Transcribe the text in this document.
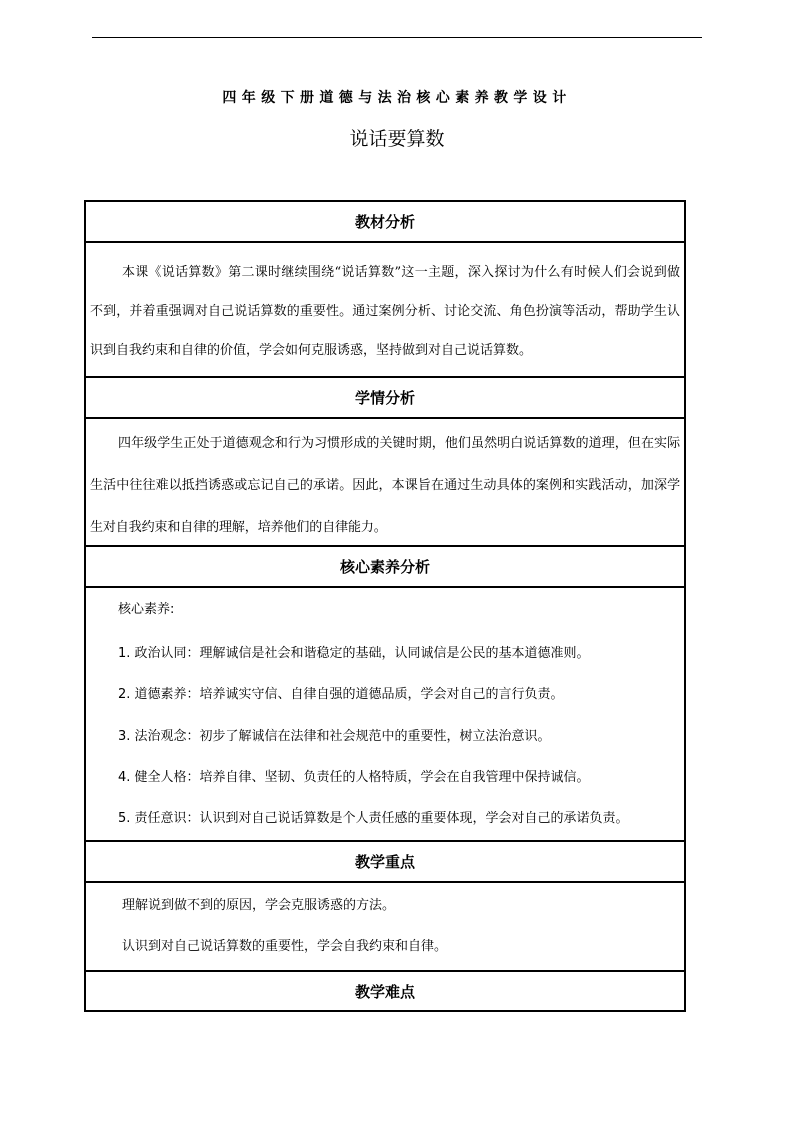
四年级下册道德与法治核心素养教学设计
说话要算数
教材分析
本课《说话算数》第二课时继续围绕“说话算数”这一主题，深入探讨为什么有时候人们会说到做不到，并着重强调对自己说话算数的重要性。通过案例分析、讨论交流、角色扮演等活动，帮助学生认识到自我约束和自律的价值，学会如何克服诱惑，坚持做到对自己说话算数。
学情分析
四年级学生正处于道德观念和行为习惯形成的关键时期，他们虽然明白说话算数的道理，但在实际生活中往往难以抵挡诱惑或忘记自己的承诺。因此，本课旨在通过生动具体的案例和实践活动，加深学生对自我约束和自律的理解，培养他们的自律能力。
核心素养分析
核心素养:
1. 政治认同：理解诚信是社会和谐稳定的基础，认同诚信是公民的基本道德准则。
2. 道德素养：培养诚实守信、自律自强的道德品质，学会对自己的言行负责。
3. 法治观念：初步了解诚信在法律和社会规范中的重要性，树立法治意识。
4. 健全人格：培养自律、坚韧、负责任的人格特质，学会在自我管理中保持诚信。
5. 责任意识：认识到对自己说话算数是个人责任感的重要体现，学会对自己的承诺负责。
教学重点
理解说到做不到的原因，学会克服诱惑的方法。
认识到对自己说话算数的重要性，学会自我约束和自律。
教学难点
